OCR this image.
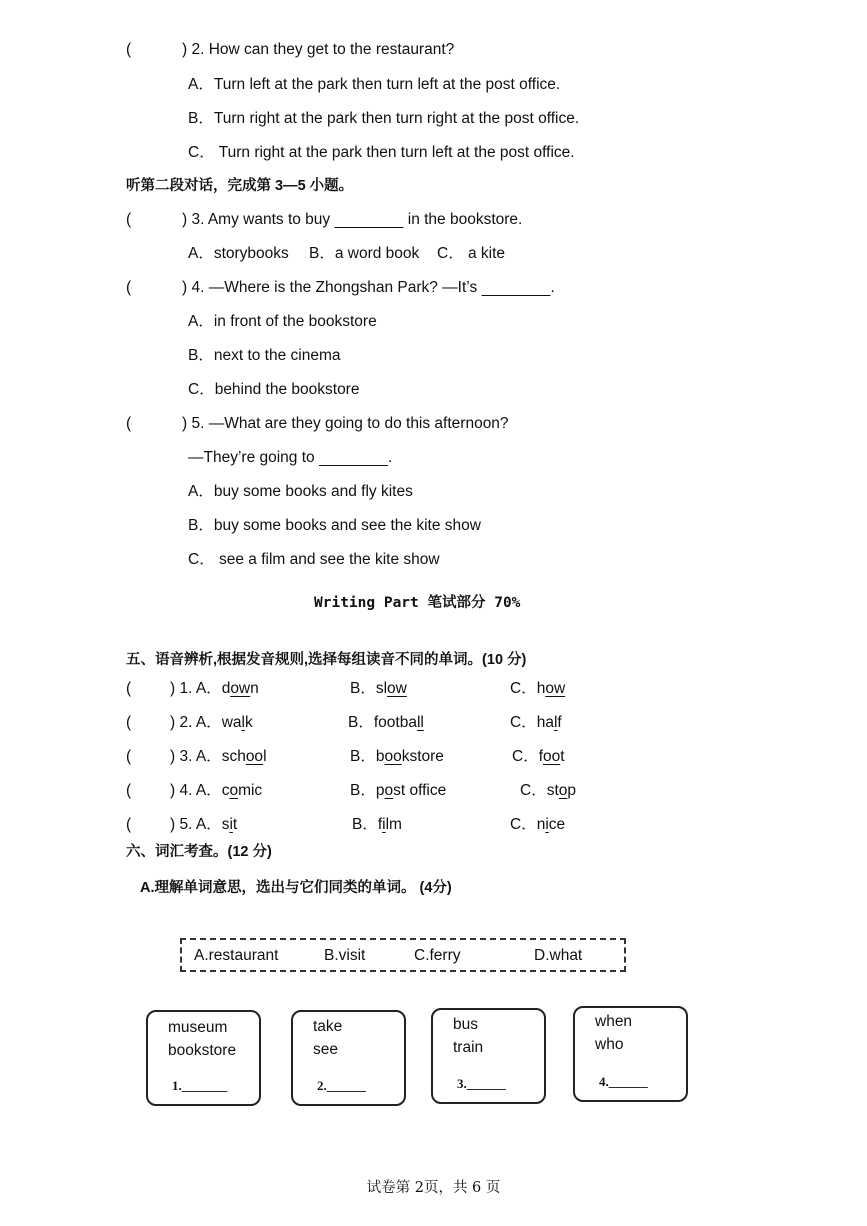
(	) 2. How can they get to the restaurant?
A．Turn left at the park then turn left at the post office.
B．Turn right at the park then turn right at the post office.
C． Turn right at the park then turn left at the post office.
听第二段对话，完成第 3—5 小题。
(	) 3. Amy wants to buy ________ in the bookstore.
A．storybooks B．a word book C． a kite
(	) 4. —Where is the Zhongshan Park? —It’s ________.
A．in front of the bookstore
B．next to the cinema
C．behind the bookstore
(	) 5. —What are they going to do this afternoon?
—They’re going to ________.
A．buy some books and fly kites
B．buy some books and see the kite show
C． see a film and see the kite show
Writing Part 笔试部分 70%
五、语音辨析,根据发音规则,选择每组读音不同的单词。(10 分)
(	) 1. A．down	B．slow	C．how
(	) 2. A．walk	B．football	C．half
(	) 3. A．school	B．bookstore	C．foot
(	) 4. A．comic	B．post office	C．stop
(	) 5. A．sit	B．film	C．nice
六、词汇考查。(12 分)
A.理解单词意思，选出与它们同类的单词。 (4分)
A.restaurant	B.visit	C.ferry	D.what
museum
bookstore
1._______
take
see
2.______
bus
train
3.______
when
who
4.______
试卷第 2页，共 6 页
